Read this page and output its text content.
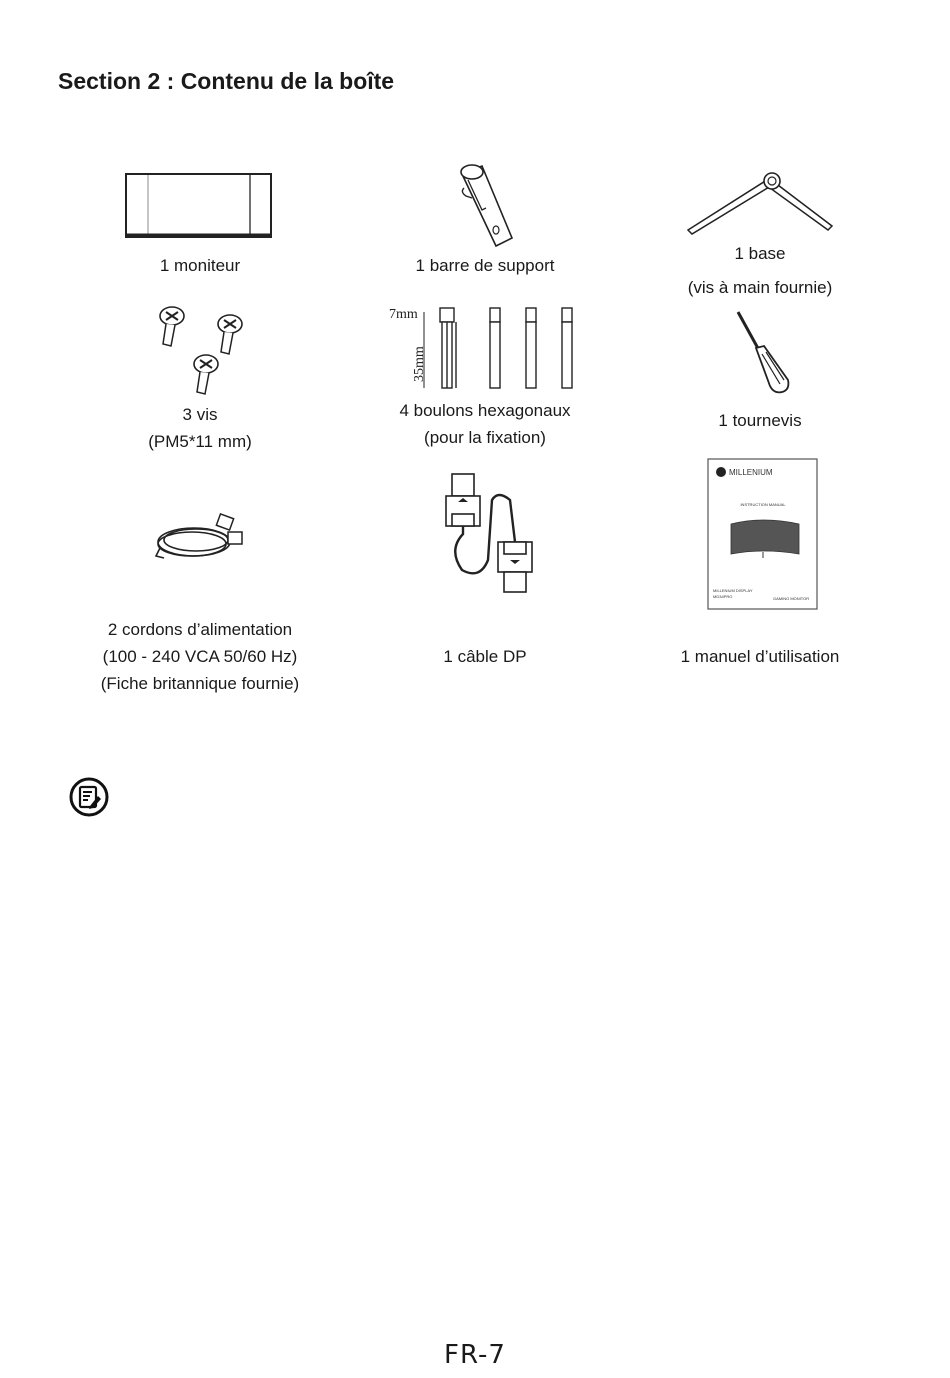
Section 2 : Contenu de la boîte
1 moniteur	1 barre de support
1 base
(vis à main fournie)
3 vis
(PM5*11 mm)
7mm
35mm
4 boulons hexagonaux
(pour la fixation)
1 tournevis
2 cordons d’alimentation
(100 - 240 VCA 50/60 Hz)
(Fiche britannique fournie)
1 câble DP
MILLENIUM
INSTRUCTION MANUAL
MILLENIUM DISPLAY
MD34PRO	GAMING MONITOR
1 manuel d’utilisation
FR-7
